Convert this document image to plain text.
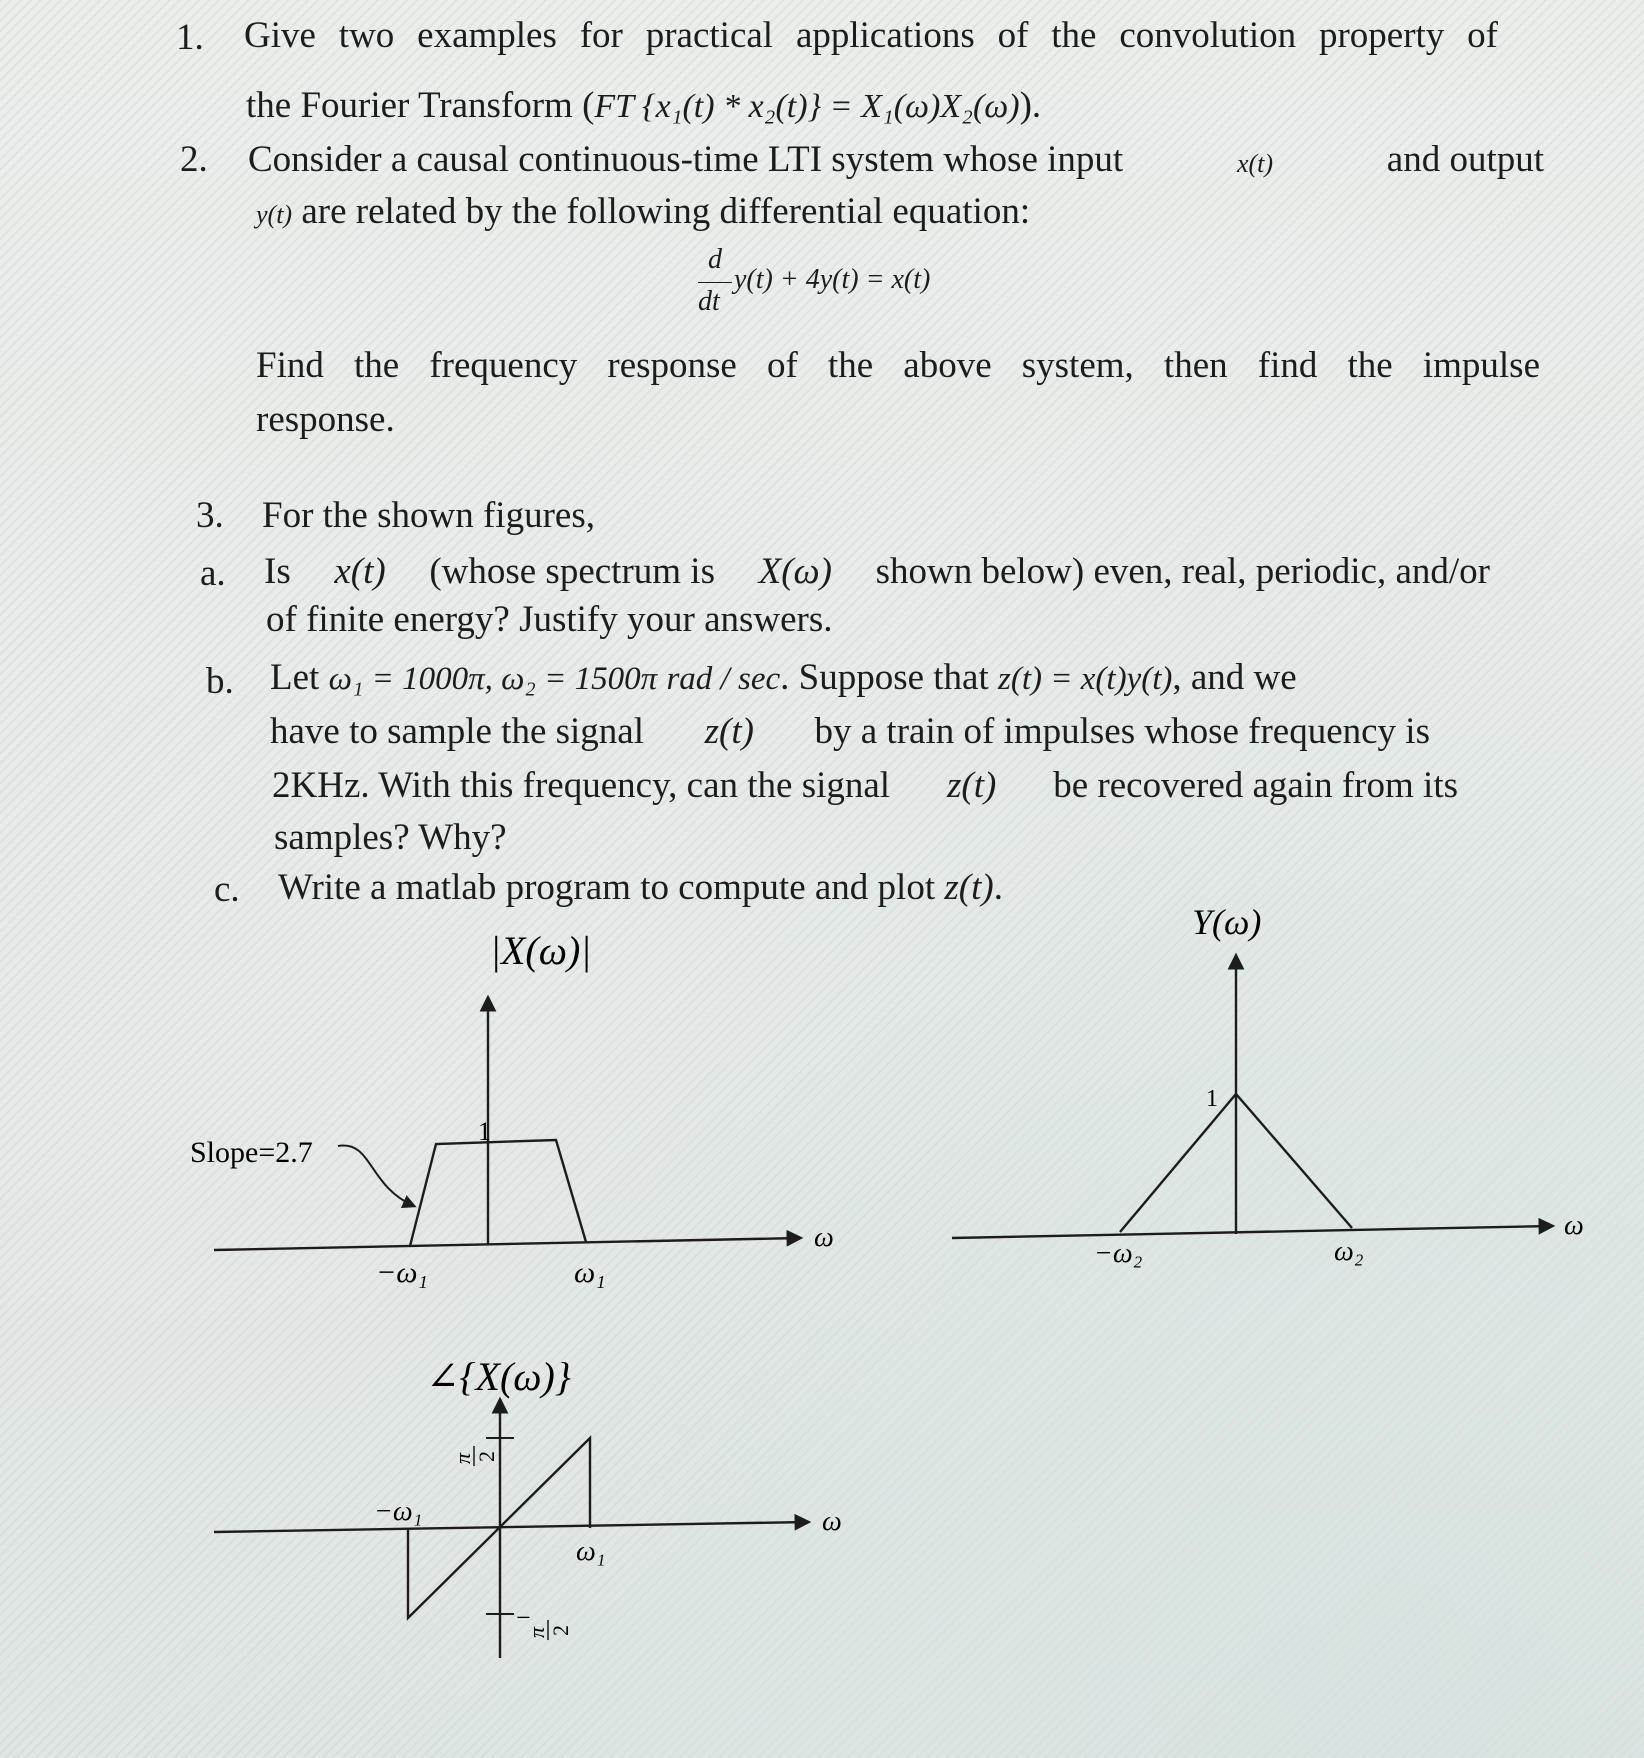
1. Give two examples for practical applications of the convolution property of
the Fourier Transform (FT {x₁(t) * x₂(t)} = X₁(ω)X₂(ω)).
2. Consider a causal continuous-time LTI system whose input	x(t)	and output
y(t) are related by the following differential equation:
d
dt
y(t) + 4y(t) = x(t)
Find the frequency response of the above system, then find the impulse
response.
3. For the shown figures,
a. Is x(t) (whose spectrum is X(ω) shown below) even, real, periodic, and/or
of finite energy? Justify your answers.
b. Let ω₁ = 1000π, ω₂ = 1500π rad / sec. Suppose that z(t) = x(t)y(t), and we
have to sample the signal z(t) by a train of impulses whose frequency is
2KHz. With this frequency, can the signal z(t) be recovered again from its
samples? Why?
c. Write a matlab program to compute and plot z(t).
|X(ω)|
Slope=2.7
1
−ω₁	ω₁
ω
∠{X(ω)}
π 2
−
π 2
−ω₁
ω₁
ω
Y(ω)
1
−ω₂	ω₂
ω
